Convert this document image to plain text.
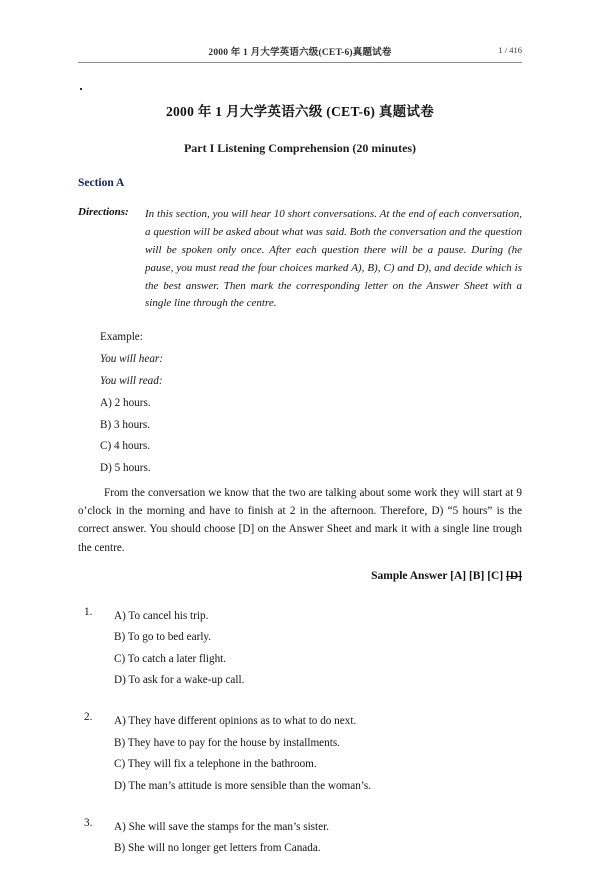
2000 年 1 月大学英语六级(CET-6)真题试卷	1 / 416
2000 年 1 月大学英语六级 (CET-6) 真题试卷
Part I Listening Comprehension (20 minutes)
Section A
Directions: In this section, you will hear 10 short conversations. At the end of each conversation, a question will be asked about what was said. Both the conversation and the question will be spoken only once. After each question there will be a pause. During (he pause, you must read the four choices marked A), B), C) and D), and decide which is the best answer. Then mark the corresponding letter on the Answer Sheet with a single line through the centre.

Example:
You will hear:
You will read:
A) 2 hours.
B) 3 hours.
C) 4 hours.
D) 5 hours.

From the conversation we know that the two are talking about some work they will start at 9 o’clock in the morning and have to finish at 2 in the afternoon. Therefore, D) “5 hours” is the correct answer. You should choose [D] on the Answer Sheet and mark it with a single line trough the centre.

Sample Answer [A] [B] [C] [D]
1. A) To cancel his trip.
B) To go to bed early.
C) To catch a later flight.
D) To ask for a wake-up call.
2. A) They have different opinions as to what to do next.
B) They have to pay for the house by installments.
C) They will fix a telephone in the bathroom.
D) The man’s attitude is more sensible than the woman’s.
3. A) She will save the stamps for the man’s sister.
B) She will no longer get letters from Canada.
